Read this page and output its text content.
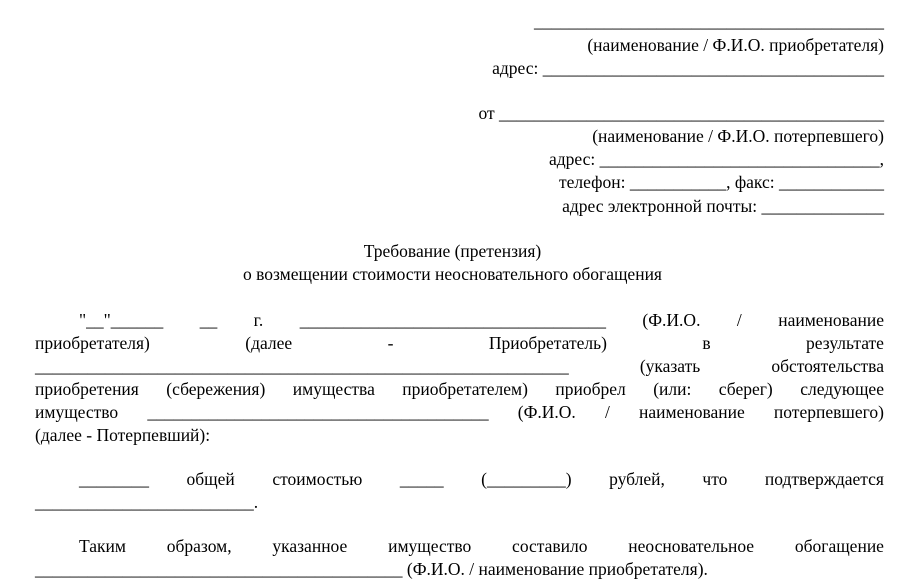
________________________________________
(наименование / Ф.И.О. приобретателя)
адрес: _______________________________________
от ____________________________________________
(наименование / Ф.И.О. потерпевшего)
адрес: ________________________________,
телефон: ___________, факс: ____________
адрес электронной почты: ______________
Требование (претензия)
о возмещении стоимости неосновательного обогащения
"__"______ __ г. ___________________________________ (Ф.И.О. / наименование
приобретателя)	(далее	-	Приобретатель)	в	результате
_____________________________________________________________	(указать	обстоятельства
приобретения (сбережения) имущества приобретателем) приобрел (или: сберег) следующее
имущество _______________________________________ (Ф.И.О. / наименование потерпевшего)
(далее - Потерпевший):
________ общей стоимостью _____ (_________) рублей, что подтверждается
_________________________.
Таким образом, указанное имущество составило неосновательное обогащение
__________________________________________ (Ф.И.О. / наименование приобретателя).
